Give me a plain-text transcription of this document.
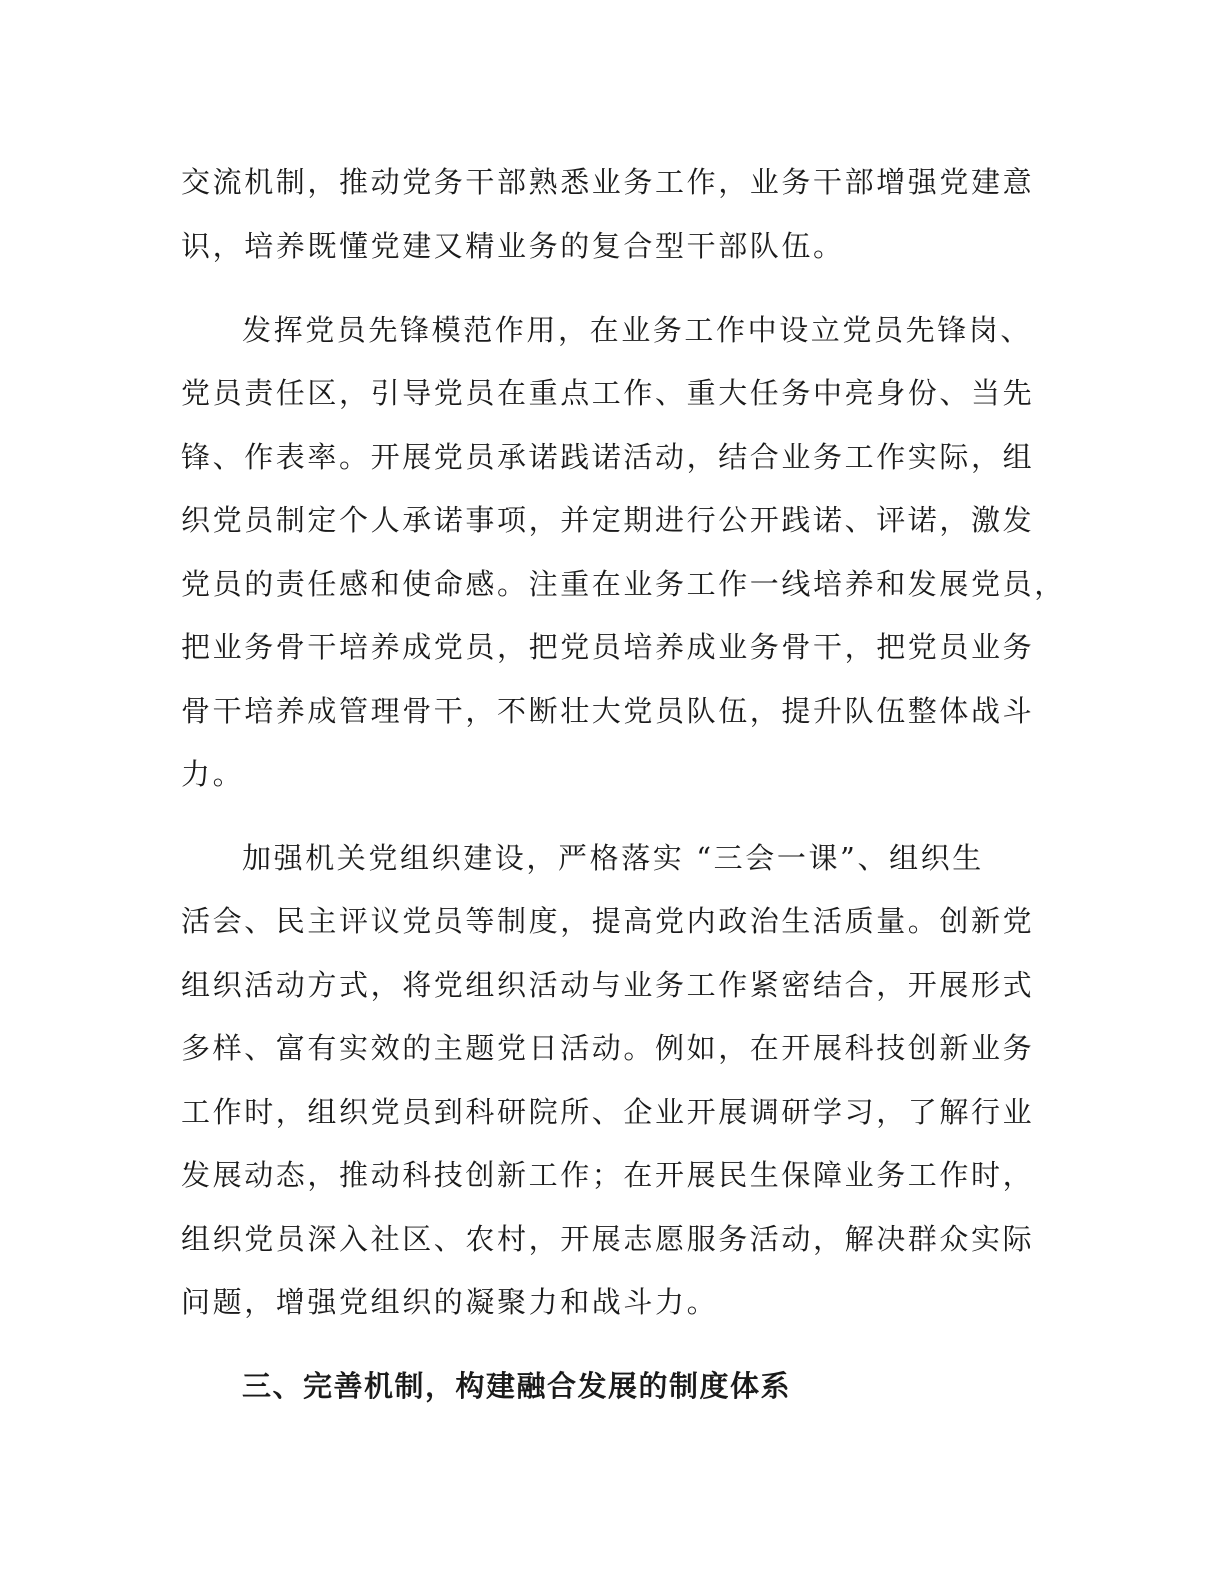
交流机制，推动党务干部熟悉业务工作，业务干部增强党建意

识，培养既懂党建又精业务的复合型干部队伍。

发挥党员先锋模范作用，在业务工作中设立党员先锋岗、

党员责任区，引导党员在重点工作、重大任务中亮身份、当先

锋、作表率。开展党员承诺践诺活动，结合业务工作实际，组

织党员制定个人承诺事项，并定期进行公开践诺、评诺，激发

党员的责任感和使命感。注重在业务工作一线培养和发展党员，

把业务骨干培养成党员，把党员培养成业务骨干，把党员业务

骨干培养成管理骨干，不断壮大党员队伍，提升队伍整体战斗

力。

加强机关党组织建设，严格落实 “三会一课”、组织生

活会、民主评议党员等制度，提高党内政治生活质量。创新党

组织活动方式，将党组织活动与业务工作紧密结合，开展形式

多样、富有实效的主题党日活动。例如，在开展科技创新业务

工作时，组织党员到科研院所、企业开展调研学习，了解行业

发展动态，推动科技创新工作；在开展民生保障业务工作时，

组织党员深入社区、农村，开展志愿服务活动，解决群众实际

问题，增强党组织的凝聚力和战斗力。

三、完善机制，构建融合发展的制度体系
